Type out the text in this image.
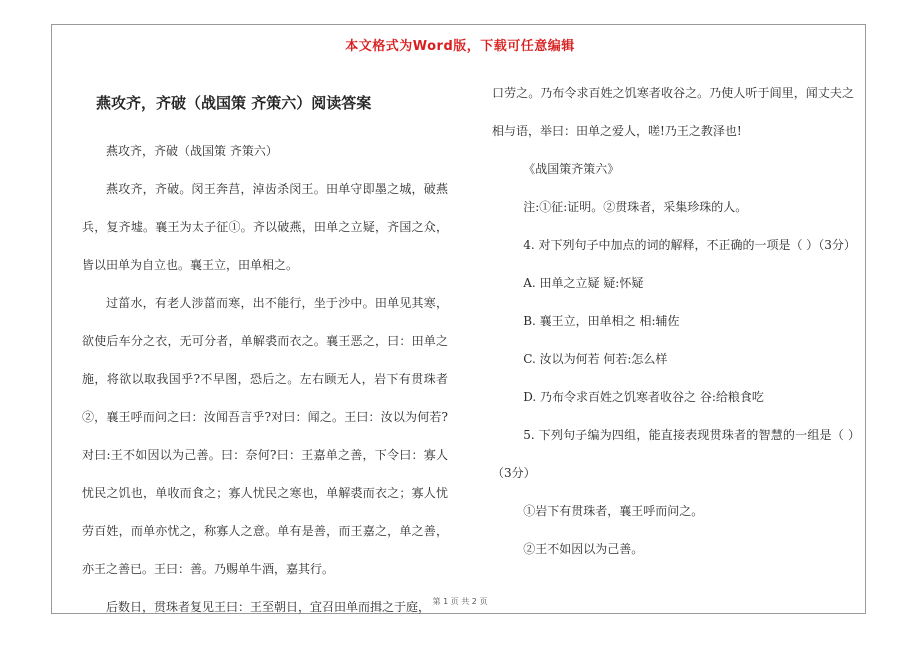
本文格式为Word版，下载可任意编辑

燕攻齐，齐破（战国策 齐策六）阅读答案

燕攻齐，齐破（战国策 齐策六）

燕攻齐，齐破。闵王奔莒，淖齿杀闵王。田单守即墨之城，破燕兵，复齐墟。襄王为太子征①。齐以破燕，田单之立疑，齐国之众，皆以田单为自立也。襄王立，田单相之。

过菑水，有老人涉菑而寒，出不能行，坐于沙中。田单见其寒，欲使后车分之衣，无可分者，单解裘而衣之。襄王恶之，曰：田单之施，将欲以取我国乎?不早图，恐后之。左右顾无人，岩下有贯珠者②，襄王呼而问之曰：汝闻吾言乎?对曰：闻之。王曰：汝以为何若?对曰:王不如因以为己善。曰：奈何?曰：王嘉单之善，下令曰：寡人忧民之饥也，单收而食之；寡人忧民之寒也，单解裘而衣之；寡人忧劳百姓，而单亦忧之，称寡人之意。单有是善，而王嘉之，单之善，亦王之善已。王曰：善。乃赐单牛酒，嘉其行。

后数日，贯珠者复见王曰：王至朝日，宜召田单而揖之于庭，

口劳之。乃布令求百姓之饥寒者收谷之。乃使人听于闾里，闻丈夫之相与语，举曰：田单之爱人，嗟!乃王之教泽也!

《战国策齐策六》

注:①征:证明。②贯珠者，采集珍珠的人。

4. 对下列句子中加点的词的解释，不正确的一项是（ ）（3分）

A. 田单之立疑 疑:怀疑

B. 襄王立，田单相之 相:辅佐

C. 汝以为何若 何若:怎么样

D. 乃布令求百姓之饥寒者收谷之 谷:给粮食吃

5. 下列句子编为四组，能直接表现贯珠者的智慧的一组是（ ）（3分）

①岩下有贯珠者，襄王呼而问之。

②王不如因以为己善。

第 1 页 共 2 页
